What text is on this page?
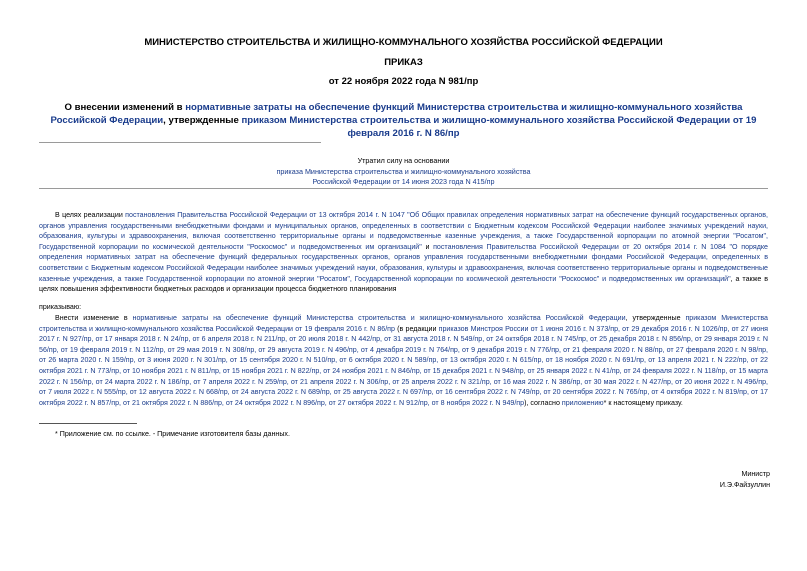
МИНИСТЕРСТВО СТРОИТЕЛЬСТВА И ЖИЛИЩНО-КОММУНАЛЬНОГО ХОЗЯЙСТВА РОССИЙСКОЙ ФЕДЕРАЦИИ
ПРИКАЗ
от 22 ноября 2022 года N 981/пр
О внесении изменений в нормативные затраты на обеспечение функций Министерства строительства и жилищно-коммунального хозяйства Российской Федерации, утвержденные приказом Министерства строительства и жилищно-коммунального хозяйства Российской Федерации от 19 февраля 2016 г. N 86/пр
Утратил силу на основании
приказа Министерства строительства и жилищно-коммунального хозяйства
Российской Федерации от 14 июня 2023 года N 415/пр

В целях реализации постановления Правительства Российской Федерации от 13 октября 2014 г. N 1047 "Об Общих правилах определения нормативных затрат на обеспечение функций государственных органов, органов управления государственными внебюджетными фондами и муниципальных органов, определенных в соответствии с Бюджетным кодексом Российской Федерации наиболее значимых учреждений науки, образования, культуры и здравоохранения, включая соответственно территориальные органы и подведомственные казенные учреждения, а также Государственной корпорации по атомной энергии "Росатом", Государственной корпорации по космической деятельности "Роскосмос" и подведомственных им организаций" и постановления Правительства Российской Федерации от 20 октября 2014 г. N 1084 "О порядке определения нормативных затрат на обеспечение функций федеральных государственных органов, органов управления государственными внебюджетными фондами Российской Федерации, определенных в соответствии с Бюджетным кодексом Российской Федерации наиболее значимых учреждений науки, образования, культуры и здравоохранения, включая соответственно территориальные органы и подведомственные казенные учреждения, а также Государственной корпорации по атомной энергии "Росатом", Государственной корпорации по космической деятельности "Роскосмос" и подведомственных им организаций", а также в целях повышения эффективности бюджетных расходов и организации процесса бюджетного планирования

приказываю:

Внести изменение в нормативные затраты на обеспечение функций Министерства строительства и жилищно-коммунального хозяйства Российской Федерации, утвержденные приказом Министерства строительства и жилищно-коммунального хозяйства Российской Федерации от 19 февраля 2016 г. N 86/пр (в редакции приказов Минстроя России от 1 июня 2016 г. N 373/пр, от 29 декабря 2016 г. N 1026/пр, от 27 июня 2017 г. N 927/пр, от 17 января 2018 г. N 24/пр, от 6 апреля 2018 г. N 211/пр, от 20 июля 2018 г. N 442/пр, от 31 августа 2018 г. N 549/пр, от 24 октября 2018 г. N 745/пр, от 25 декабря 2018 г. N 856/пр, от 29 января 2019 г. N 56/пр, от 19 февраля 2019 г. N 112/пр, от 29 мая 2019 г. N 308/пр, от 29 августа 2019 г. N 496/пр, от 4 декабря 2019 г. N 764/пр, от 9 декабря 2019 г. N 776/пр, от 21 февраля 2020 г. N 88/пр, от 27 февраля 2020 г. N 98/пр, от 26 марта 2020 г. N 159/пр, от 3 июня 2020 г. N 301/пр, от 15 сентября 2020 г. N 510/пр, от 6 октября 2020 г. N 589/пр, от 13 октября 2020 г. N 615/пр, от 18 ноября 2020 г. N 691/пр, от 13 апреля 2021 г. N 222/пр, от 22 октября 2021 г. N 773/пр, от 10 ноября 2021 г. N 811/пр, от 15 ноября 2021 г. N 822/пр, от 24 ноября 2021 г. N 846/пр, от 15 декабря 2021 г. N 948/пр, от 25 января 2022 г. N 41/пр, от 24 февраля 2022 г. N 118/пр, от 15 марта 2022 г. N 156/пр, от 24 марта 2022 г. N 186/пр, от 7 апреля 2022 г. N 259/пр, от 21 апреля 2022 г. N 306/пр, от 25 апреля 2022 г. N 321/пр, от 16 мая 2022 г. N 386/пр, от 30 мая 2022 г. N 427/пр, от 20 июня 2022 г. N 496/пр, от 7 июля 2022 г. N 555/пр, от 12 августа 2022 г. N 668/пр, от 24 августа 2022 г. N 689/пр, от 25 августа 2022 г. N 697/пр, от 16 сентября 2022 г. N 749/пр, от 20 сентября 2022 г. N 765/пр, от 4 октября 2022 г. N 819/пр, от 17 октября 2022 г. N 857/пр, от 21 октября 2022 г. N 886/пр, от 24 октября 2022 г. N 896/пр, от 27 октября 2022 г. N 912/пр, от 8 ноября 2022 г. N 949/пр), согласно приложению* к настоящему приказу.

* Приложение см. по ссылке. - Примечание изготовителя базы данных.
Министр
И.Э.Файзуллин
